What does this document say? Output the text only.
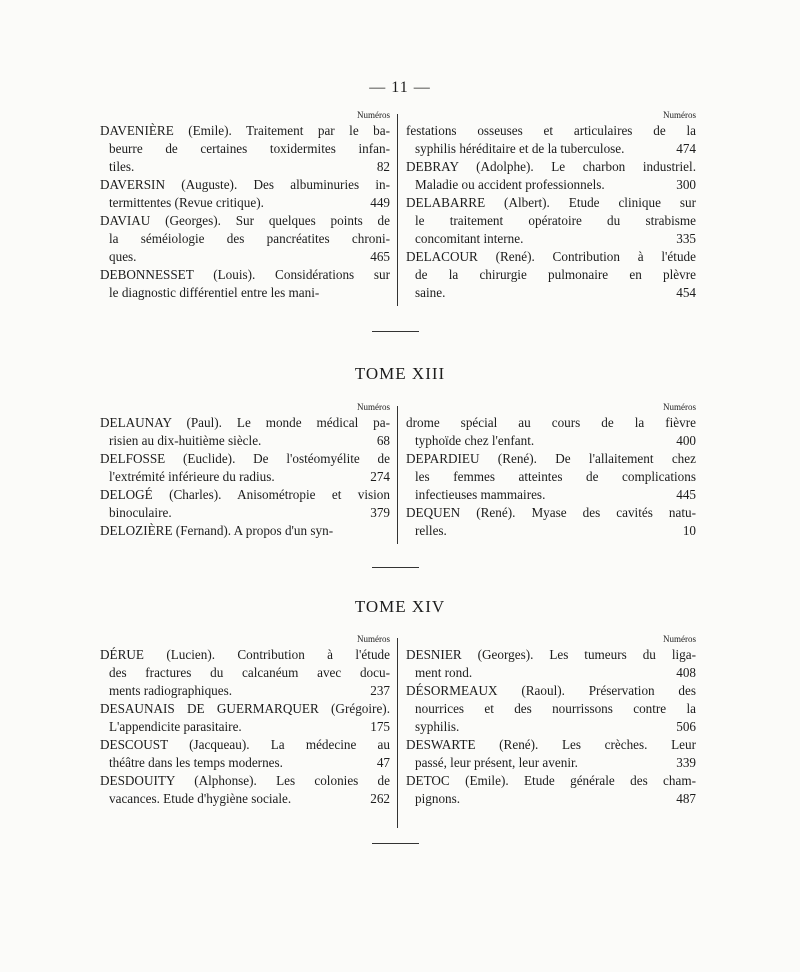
— 11 —
Numéros
DAVENIÈRE (Emile). Traitement par le ba-
beurre de certaines toxidermites infan-
tiles.	82
DAVERSIN (Auguste). Des albuminuries in-
termittentes (Revue critique).	449
DAVIAU (Georges). Sur quelques points de
la séméiologie des pancréatites chroni-
ques.	465
DEBONNESSET (Louis). Considérations sur
le diagnostic différentiel entre les mani-
Numéros
festations osseuses et articulaires de la
syphilis héréditaire et de la tuberculose.	474
DEBRAY (Adolphe). Le charbon industriel.
Maladie ou accident professionnels.	300
DELABARRE (Albert). Etude clinique sur
le traitement opératoire du strabisme
concomitant interne.	335
DELACOUR (René). Contribution à l'étude
de la chirurgie pulmonaire en plèvre
saine.	454
TOME XIII
Numéros
DELAUNAY (Paul). Le monde médical pa-
risien au dix-huitième siècle.	68
DELFOSSE (Euclide). De l'ostéomyélite de
l'extrémité inférieure du radius.	274
DELOGÉ (Charles). Anisométropie et vision
binoculaire.	379
DELOZIÈRE (Fernand). A propos d'un syn-
Numéros
drome spécial au cours de la fièvre
typhoïde chez l'enfant.	400
DEPARDIEU (René). De l'allaitement chez
les femmes atteintes de complications
infectieuses mammaires.	445
DEQUEN (René). Myase des cavités natu-
relles.	10
TOME XIV
Numéros
DÉRUE (Lucien). Contribution à l'étude
des fractures du calcanéum avec docu-
ments radiographiques.	237
DESAUNAIS DE GUERMARQUER (Grégoire).
L'appendicite parasitaire.	175
DESCOUST (Jacqueau). La médecine au
théâtre dans les temps modernes.	47
DESDOUITY (Alphonse). Les colonies de
vacances. Etude d'hygiène sociale.	262
Numéros
DESNIER (Georges). Les tumeurs du liga-
ment rond.	408
DÉSORMEAUX (Raoul). Préservation des
nourrices et des nourrissons contre la
syphilis.	506
DESWARTE (René). Les crèches. Leur
passé, leur présent, leur avenir.	339
DETOC (Emile). Etude générale des cham-
pignons.	487
